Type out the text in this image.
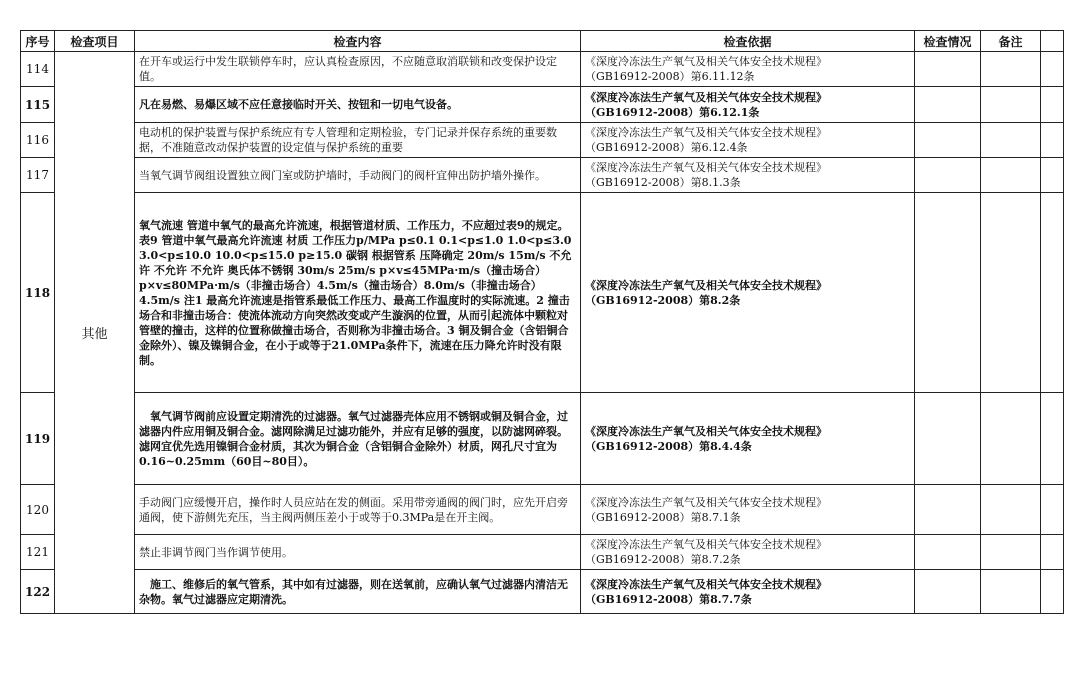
序号	检查项目	检查内容	检查依据	检查情况	备注	
114	其他	在开车或运行中发生联锁停车时，应认真检查原因，不应随意取消联锁和改变保护设定值。	《深度冷冻法生产氧气及相关气体安全技术规程》
（GB16912-2008）第6.11.12条			

115		凡在易燃、易爆区域不应任意接临时开关、按钮和一切电气设备。	《深度冷冻法生产氧气及相关气体安全技术规程》
（GB16912-2008）第6.12.1条			

116		电动机的保护装置与保护系统应有专人管理和定期检验，专门记录并保存系统的重要数据，不准随意改动保护装置的设定值与保护系统的重要	《深度冷冻法生产氧气及相关气体安全技术规程》
（GB16912-2008）第6.12.4条			

117		当氧气调节阀组设置独立阀门室或防护墙时，手动阀门的阀杆宜伸出防护墙外操作。	《深度冷冻法生产氧气及相关气体安全技术规程》
（GB16912-2008）第8.1.3条			

118		氧气流速 管道中氧气的最高允许流速，根据管道材质、工作压力，不应超过表9的规定。 表9 管道中氧气最高允许流速 材质 工作压力p/MPa p≤0.1 0.1<p≤1.0 1.0<p≤3.0 3.0<p≤10.0 10.0<p≤15.0 p≥15.0 碳钢 根据管系 压降确定 20m/s 15m/s 不允许 不允许 不允许 奥氏体不锈钢 30m/s 25m/s p×v≤45MPa·m/s（撞击场合）p×v≤80MPa·m/s（非撞击场合）4.5m/s（撞击场合）8.0m/s（非撞击场合）4.5m/s 注1 最高允许流速是指管系最低工作压力、最高工作温度时的实际流速。2 撞击场合和非撞击场合：使流体流动方向突然改变或产生漩涡的位置，从而引起流体中颗粒对管壁的撞击，这样的位置称做撞击场合，否则称为非撞击场合。3 铜及铜合金（含铝铜合金除外）、镍及镍铜合金，在小于或等于21.0MPa条件下，流速在压力降允许时没有限制。	《深度冷冻法生产氧气及相关气体安全技术规程》
（GB16912-2008）第8.2条			

119		氧气调节阀前应设置定期清洗的过滤器。氧气过滤器壳体应用不锈钢或铜及铜合金，过滤器内件应用铜及铜合金。滤网除满足过滤功能外，并应有足够的强度，以防滤网碎裂。滤网宜优先选用镍铜合金材质，其次为铜合金（含铝铜合金除外）材质，网孔尺寸宜为0.16~0.25mm（60目~80目）。	《深度冷冻法生产氧气及相关气体安全技术规程》
（GB16912-2008）第8.4.4条			

120		手动阀门应缓慢开启，操作时人员应站在发的侧面。采用带旁通阀的阀门时，应先开启旁通阀，使下游侧先充压，当主阀两侧压差小于或等于0.3MPa是在开主阀。	《深度冷冻法生产氧气及相关气体安全技术规程》
（GB16912-2008）第8.7.1条			

121		禁止非调节阀门当作调节使用。	《深度冷冻法生产氧气及相关气体安全技术规程》
（GB16912-2008）第8.7.2条			

122		施工、维修后的氧气管系，其中如有过滤器，则在送氧前，应确认氧气过滤器内清洁无杂物。氧气过滤器应定期清洗。	《深度冷冻法生产氧气及相关气体安全技术规程》
（GB16912-2008）第8.7.7条			
